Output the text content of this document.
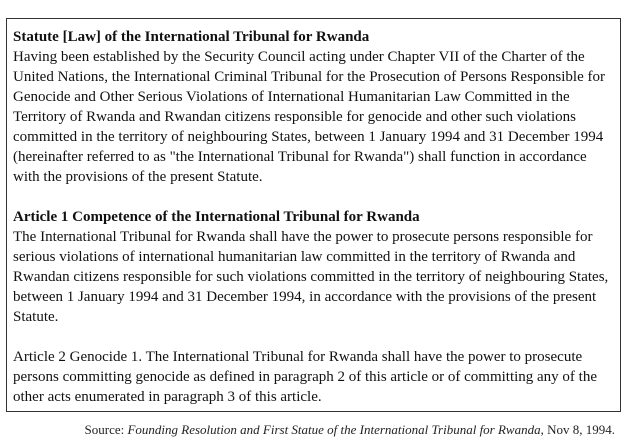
Statute [Law] of the International Tribunal for Rwanda
Having been established by the Security Council acting under Chapter VII of the Charter of the United Nations, the International Criminal Tribunal for the Prosecution of Persons Responsible for Genocide and Other Serious Violations of International Humanitarian Law Committed in the Territory of Rwanda and Rwandan citizens responsible for genocide and other such violations committed in the territory of neighbouring States, between 1 January 1994 and 31 December 1994 (hereinafter referred to as "the International Tribunal for Rwanda") shall function in accordance with the provisions of the present Statute.
Article 1 Competence of the International Tribunal for Rwanda
The International Tribunal for Rwanda shall have the power to prosecute persons responsible for serious violations of international humanitarian law committed in the territory of Rwanda and Rwandan citizens responsible for such violations committed in the territory of neighbouring States, between 1 January 1994 and 31 December 1994, in accordance with the provisions of the present Statute.
Article 2 Genocide 1. The International Tribunal for Rwanda shall have the power to prosecute persons committing genocide as defined in paragraph 2 of this article or of committing any of the other acts enumerated in paragraph 3 of this article.
Source: Founding Resolution and First Statue of the International Tribunal for Rwanda, Nov 8, 1994.
